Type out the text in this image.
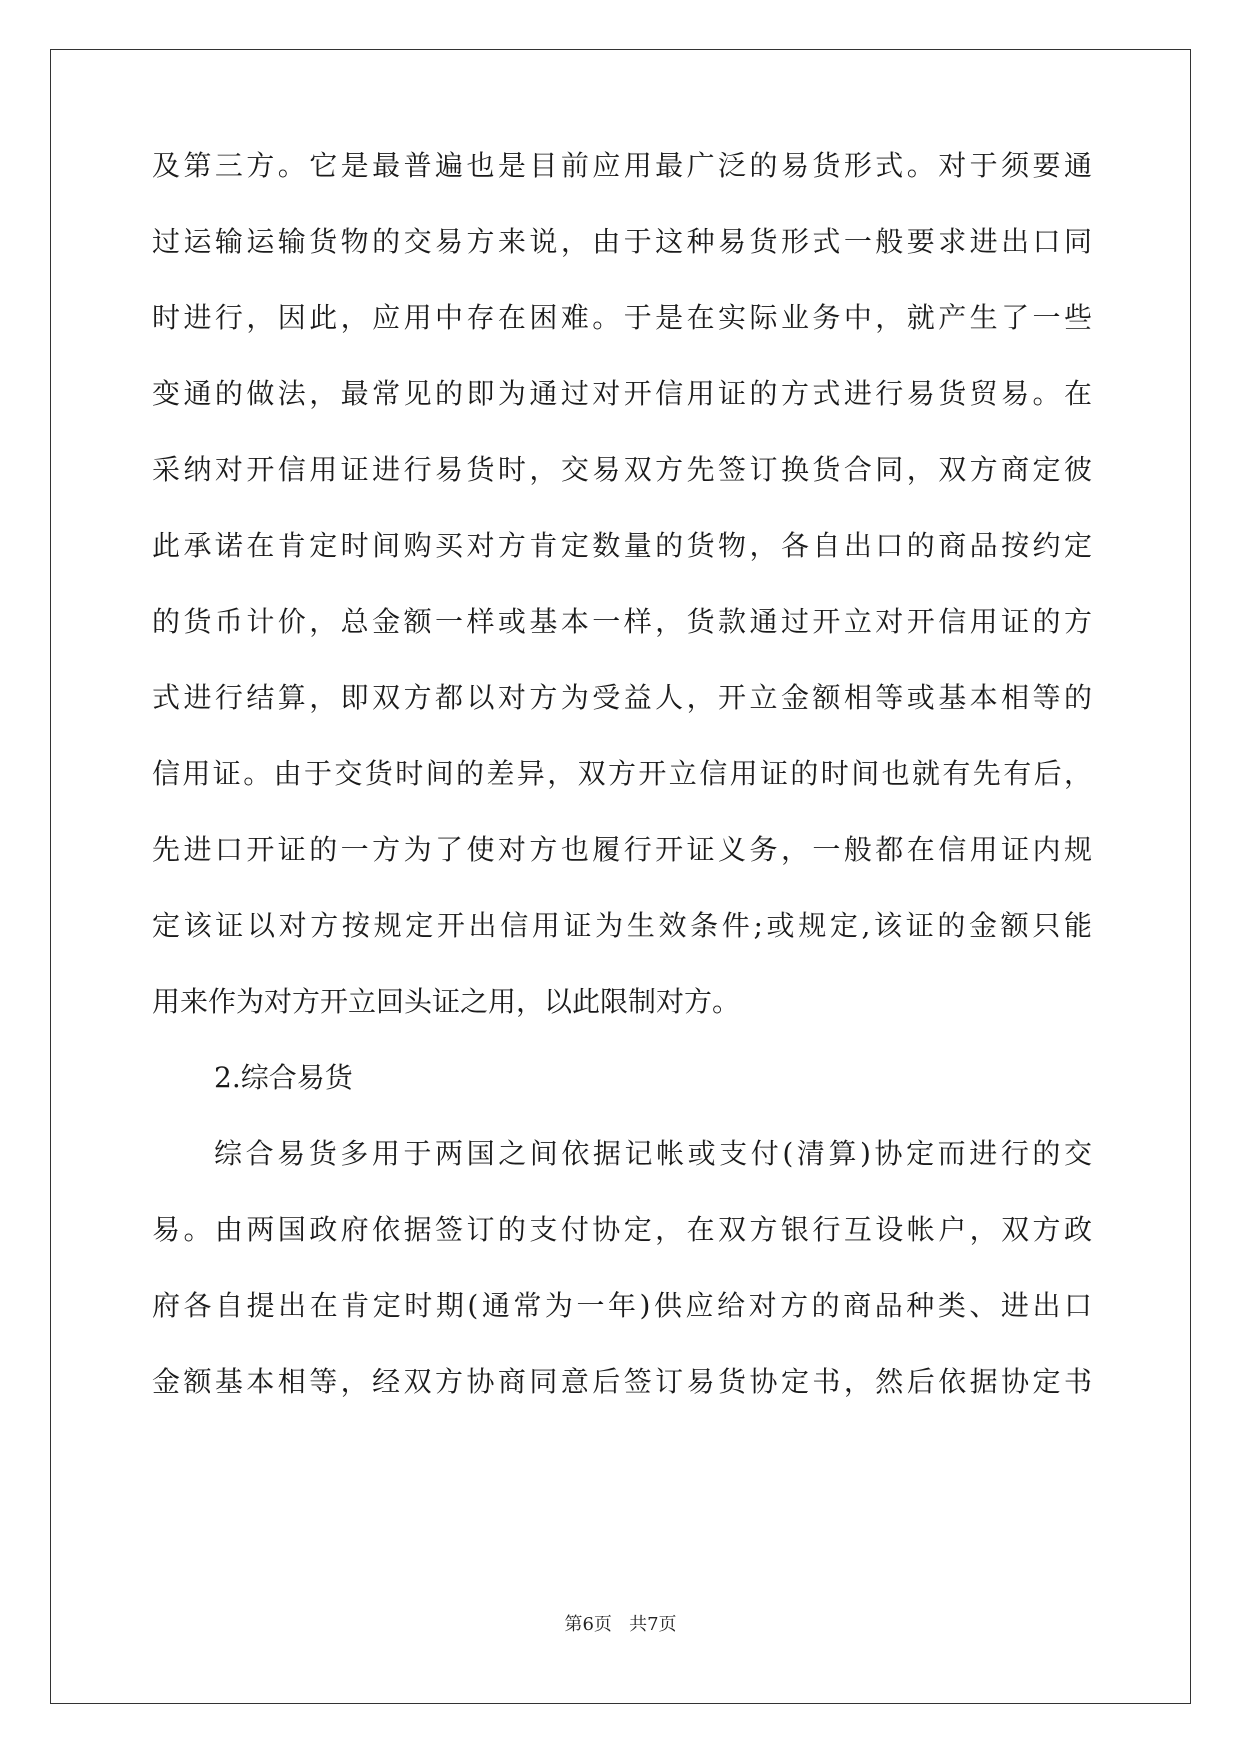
及第三方。它是最普遍也是目前应用最广泛的易货形式。对于须要通
过运输运输货物的交易方来说，由于这种易货形式一般要求进出口同
时进行，因此，应用中存在困难。于是在实际业务中，就产生了一些
变通的做法，最常见的即为通过对开信用证的方式进行易货贸易。在
采纳对开信用证进行易货时，交易双方先签订换货合同，双方商定彼
此承诺在肯定时间购买对方肯定数量的货物，各自出口的商品按约定
的货币计价，总金额一样或基本一样，货款通过开立对开信用证的方
式进行结算，即双方都以对方为受益人，开立金额相等或基本相等的
信用证。由于交货时间的差异，双方开立信用证的时间也就有先有后，
先进口开证的一方为了使对方也履行开证义务，一般都在信用证内规
定该证以对方按规定开出信用证为生效条件;或规定,该证的金额只能
用来作为对方开立回头证之用，以此限制对方。
2.综合易货
综合易货多用于两国之间依据记帐或支付(清算)协定而进行的交
易。由两国政府依据签订的支付协定，在双方银行互设帐户，双方政
府各自提出在肯定时期(通常为一年)供应给对方的商品种类、进出口
金额基本相等，经双方协商同意后签订易货协定书，然后依据协定书
第6页 共7页
